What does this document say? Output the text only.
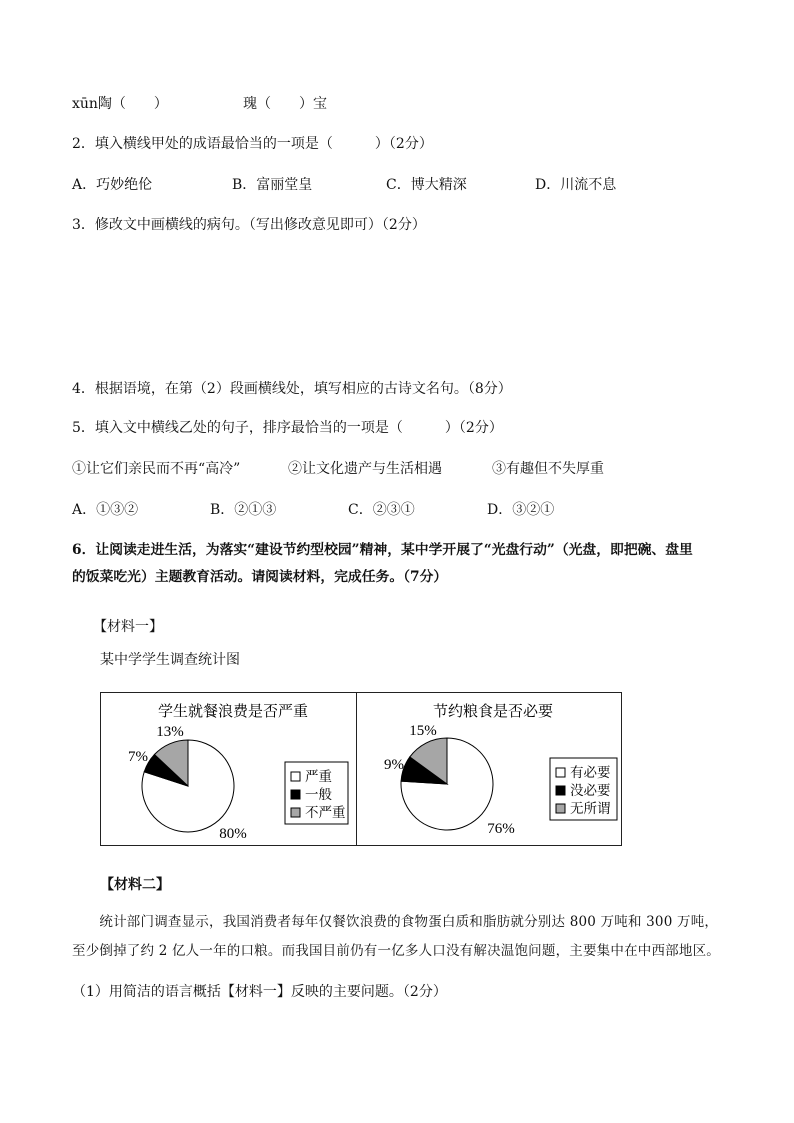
xūn陶（　　）	瑰（　　）宝
2．填入横线甲处的成语最恰当的一项是（　　　）（2分）
A．巧妙绝伦	B．富丽堂皇	C．博大精深	D．川流不息
3．修改文中画横线的病句。（写出修改意见即可）（2分）
4．根据语境，在第（2）段画横线处，填写相应的古诗文名句。（8分）
5．填入文中横线乙处的句子，排序最恰当的一项是（　　　）（2分）
①让它们亲民而不再“高冷”	②让文化遗产与生活相遇	③有趣但不失厚重
A．①③②	B．②①③	C．②③①	D．③②①
6．让阅读走进生活，为落实“建设节约型校园”精神，某中学开展了“光盘行动”（光盘，即把碗、盘里
的饭菜吃光）主题教育活动。请阅读材料，完成任务。（7分）
【材料一】
某中学学生调查统计图
学生就餐浪费是否严重
80%
7%
13%
严重
一般
不严重
节约粮食是否必要
76%
9%
15%
有必要
没必要
无所谓
【材料二】
　　统计部门调查显示，我国消费者每年仅餐饮浪费的食物蛋白质和脂肪就分别达 800 万吨和 300 万吨，
至少倒掉了约 2 亿人一年的口粮。而我国目前仍有一亿多人口没有解决温饱问题，主要集中在中西部地区。
（1）用简洁的语言概括【材料一】反映的主要问题。（2分）
